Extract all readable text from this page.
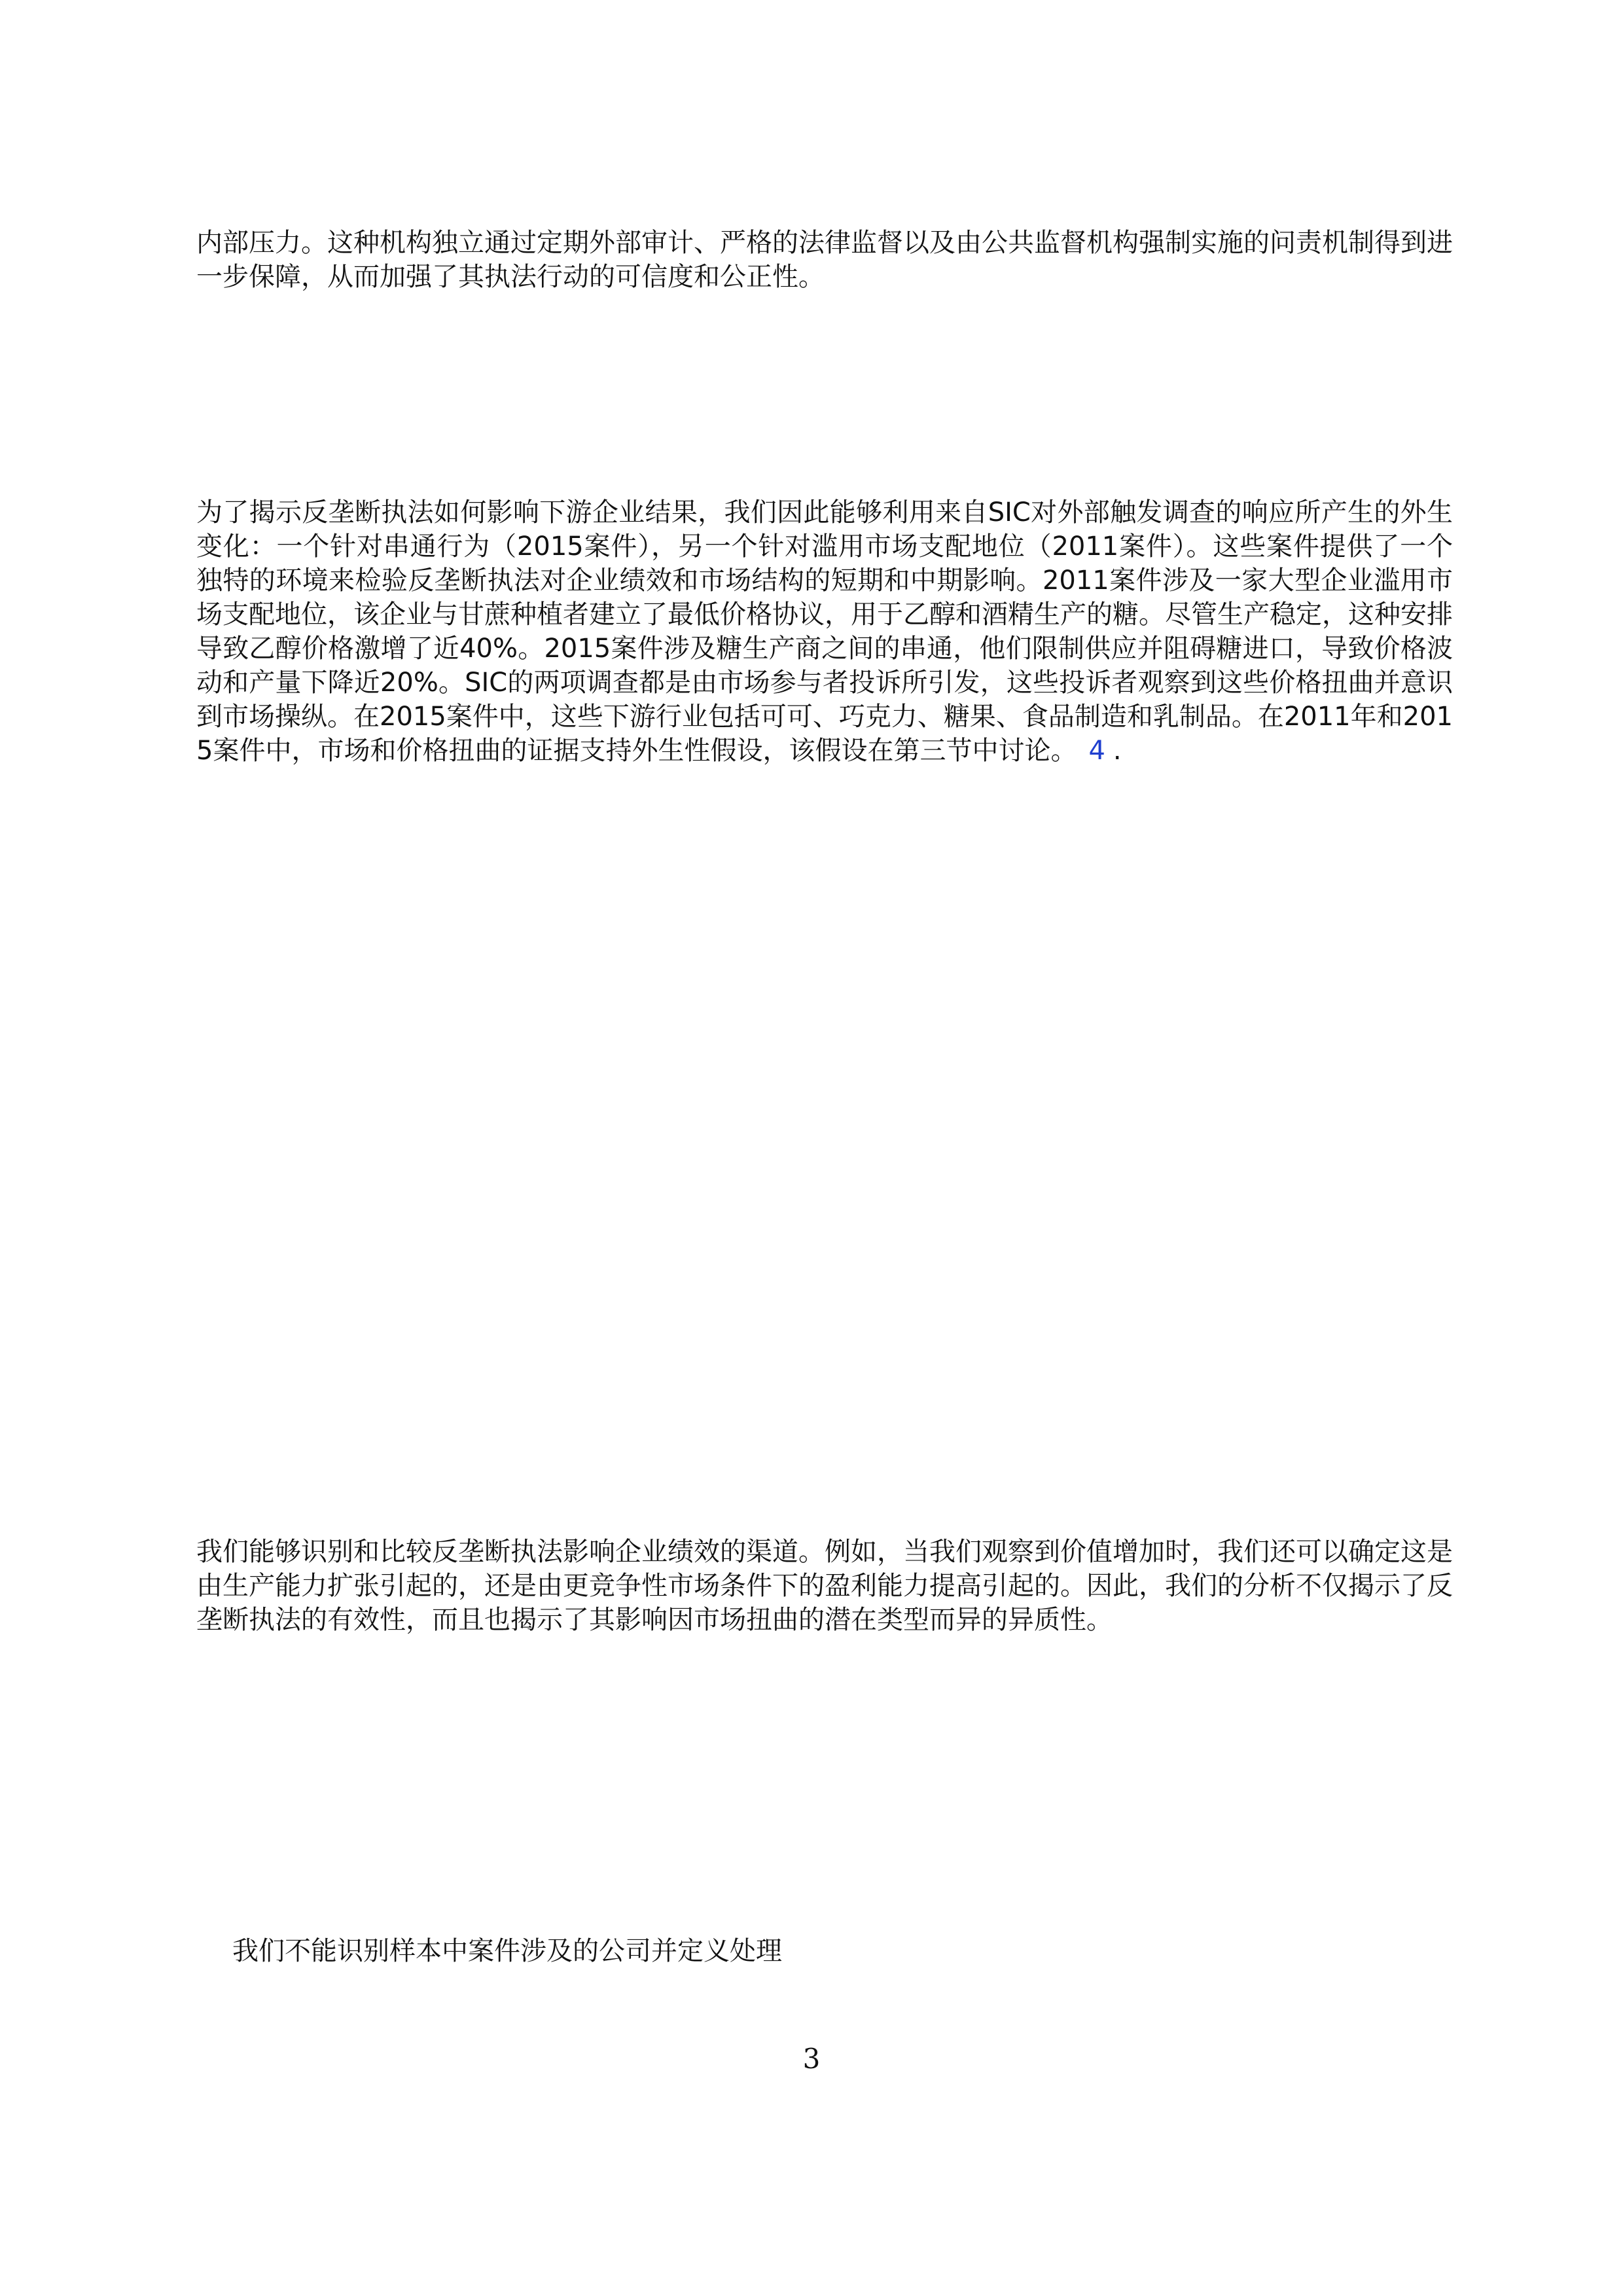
内部压力。这种机构独立通过定期外部审计、严格的法律监督以及由公共监督机构强制实施的问责机制得到进一步保障，从而加强了其执法行动的可信度和公正性。
为了揭示反垄断执法如何影响下游企业结果，我们因此能够利用来自SIC对外部触发调查的响应所产生的外生变化：一个针对串通行为（2015案件），另一个针对滥用市场支配地位（2011案件）。这些案件提供了一个独特的环境来检验反垄断执法对企业绩效和市场结构的短期和中期影响。2011案件涉及一家大型企业滥用市场支配地位，该企业与甘蔗种植者建立了最低价格协议，用于乙醇和酒精生产的糖。尽管生产稳定，这种安排导致乙醇价格激增了近40%。2015案件涉及糖生产商之间的串通，他们限制供应并阻碍糖进口，导致价格波动和产量下降近20%。SIC的两项调查都是由市场参与者投诉所引发，这些投诉者观察到这些价格扭曲并意识到市场操纵。在2015案件中，这些下游行业包括可可、巧克力、糖果、食品制造和乳制品。在2011年和2015案件中，市场和价格扭曲的证据支持外生性假设，该假设在第三节中讨论。 4 .
我们能够识别和比较反垄断执法影响企业绩效的渠道。例如，当我们观察到价值增加时，我们还可以确定这是由生产能力扩张引起的，还是由更竞争性市场条件下的盈利能力提高引起的。因此，我们的分析不仅揭示了反垄断执法的有效性，而且也揭示了其影响因市场扭曲的潜在类型而异的异质性。
我们不能识别样本中案件涉及的公司并定义处理
3
